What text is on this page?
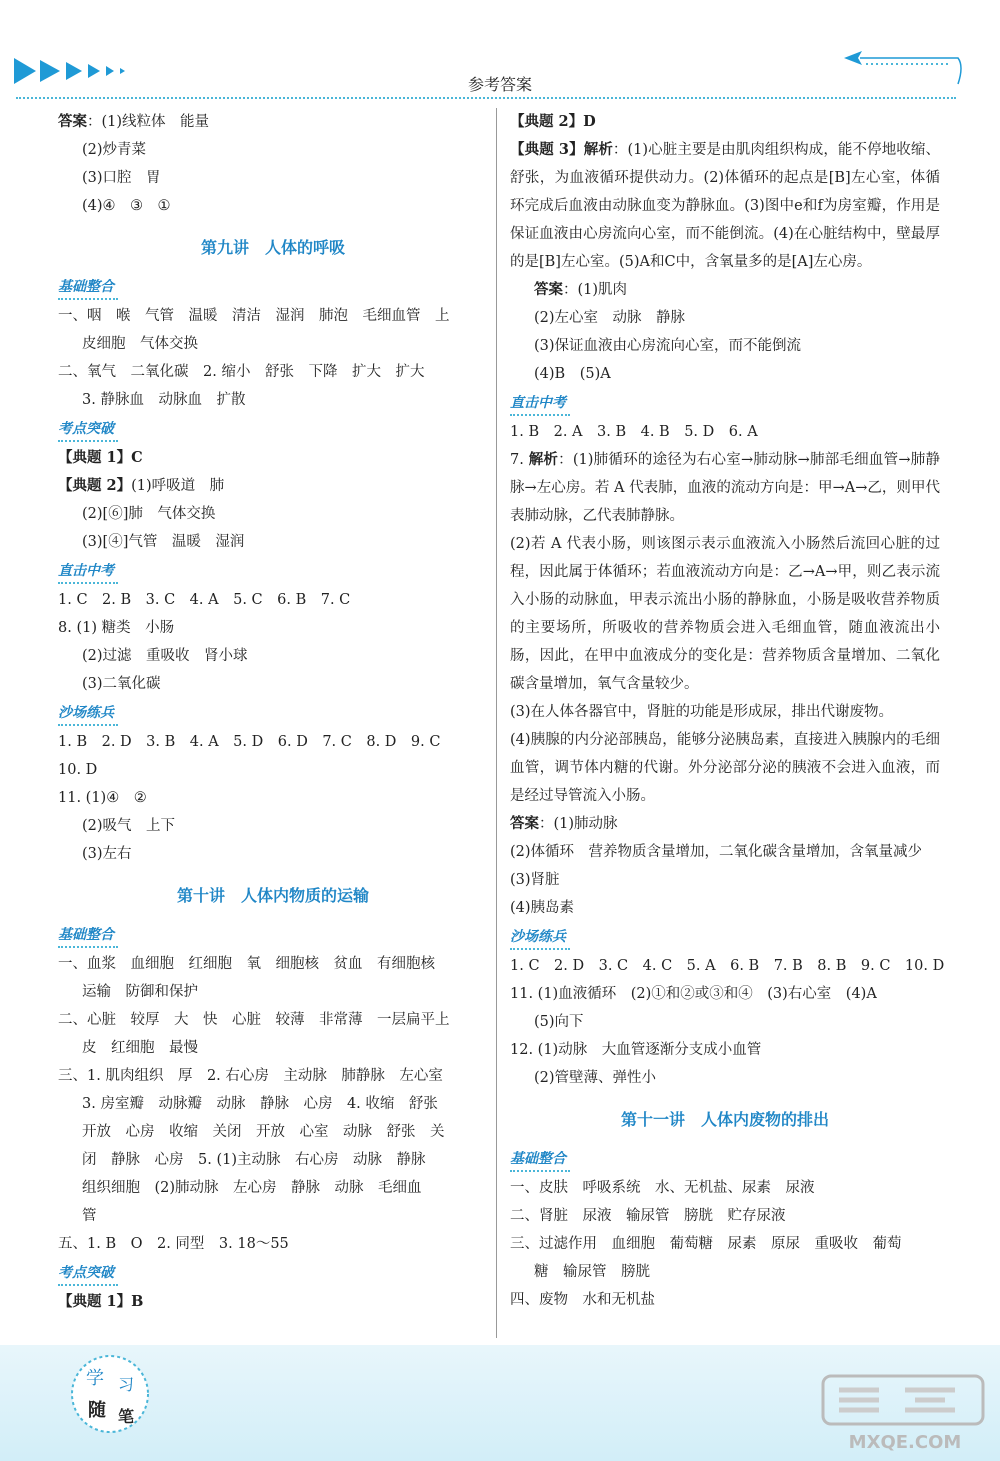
参考答案
答案：(1)线粒体　能量
(2)炒青菜
(3)口腔　胃
(4)④　③　①
第九讲　人体的呼吸
基础整合
一、咽　喉　气管　温暖　清洁　湿润　肺泡　毛细血管　上
皮细胞　气体交换
二、氧气　二氧化碳　2. 缩小　舒张　下降　扩大　扩大
3. 静脉血　动脉血　扩散
考点突破
【典题 1】C
【典题 2】(1)呼吸道　肺
(2)[⑥]肺　气体交换
(3)[④]气管　温暖　湿润
直击中考
1. C　2. B　3. C　4. A　5. C　6. B　7. C
8. (1) 糖类　小肠
(2)过滤　重吸收　肾小球
(3)二氧化碳
沙场练兵
1. B　2. D　3. B　4. A　5. D　6. D　7. C　8. D　9. C
10. D
11. (1)④　②
(2)吸气　上下
(3)左右
第十讲　人体内物质的运输
基础整合
一、血浆　血细胞　红细胞　氧　细胞核　贫血　有细胞核
运输　防御和保护
二、心脏　较厚　大　快　心脏　较薄　非常薄　一层扁平上
皮　红细胞　最慢
三、1. 肌肉组织　厚　2. 右心房　主动脉　肺静脉　左心室
3. 房室瓣　动脉瓣　动脉　静脉　心房　4. 收缩　舒张
开放　心房　收缩　关闭　开放　心室　动脉　舒张　关
闭　静脉　心房　5. (1)主动脉　右心房　动脉　静脉
组织细胞　(2)肺动脉　左心房　静脉　动脉　毛细血
管
五、1. B　O　2. 同型　3. 18～55
考点突破
【典题 1】B
【典题 2】D
【典题 3】解析：(1)心脏主要是由肌肉组织构成，能不停地收缩、舒张，为血液循环提供动力。(2)体循环的起点是[B]左心室，体循环完成后血液由动脉血变为静脉血。(3)图中e和f为房室瓣，作用是保证血液由心房流向心室，而不能倒流。(4)在心脏结构中，壁最厚的是[B]左心室。(5)A和C中，含氧量多的是[A]左心房。
答案：(1)肌肉
(2)左心室　动脉　静脉
(3)保证血液由心房流向心室，而不能倒流
(4)B　(5)A
直击中考
1. B　2. A　3. B　4. B　5. D　6. A
7. 解析：(1)肺循环的途径为右心室→肺动脉→肺部毛细血管→肺静脉→左心房。若 A 代表肺，血液的流动方向是：甲→A→乙，则甲代表肺动脉，乙代表肺静脉。
(2)若 A 代表小肠，则该图示表示血液流入小肠然后流回心脏的过程，因此属于体循环；若血液流动方向是：乙→A→甲，则乙表示流入小肠的动脉血，甲表示流出小肠的静脉血，小肠是吸收营养物质的主要场所，所吸收的营养物质会进入毛细血管，随血液流出小肠，因此，在甲中血液成分的变化是：营养物质含量增加、二氧化碳含量增加，氧气含量较少。
(3)在人体各器官中，肾脏的功能是形成尿，排出代谢废物。
(4)胰腺的内分泌部胰岛，能够分泌胰岛素，直接进入胰腺内的毛细血管，调节体内糖的代谢。外分泌部分泌的胰液不会进入血液，而是经过导管流入小肠。
答案：(1)肺动脉
(2)体循环　营养物质含量增加，二氧化碳含量增加，含氧量减少
(3)肾脏
(4)胰岛素
沙场练兵
1. C　2. D　3. C　4. C　5. A　6. B　7. B　8. B　9. C　10. D
11. (1)血液循环　(2)①和②或③和④　(3)右心室　(4)A
(5)向下
12. (1)动脉　大血管逐渐分支成小血管
(2)管壁薄、弹性小
第十一讲　人体内废物的排出
基础整合
一、皮肤　呼吸系统　水、无机盐、尿素　尿液
二、肾脏　尿液　输尿管　膀胱　贮存尿液
三、过滤作用　血细胞　葡萄糖　尿素　原尿　重吸收　葡萄
糖　输尿管　膀胱
四、废物　水和无机盐
学 习
随 笔
MXQE.COM
